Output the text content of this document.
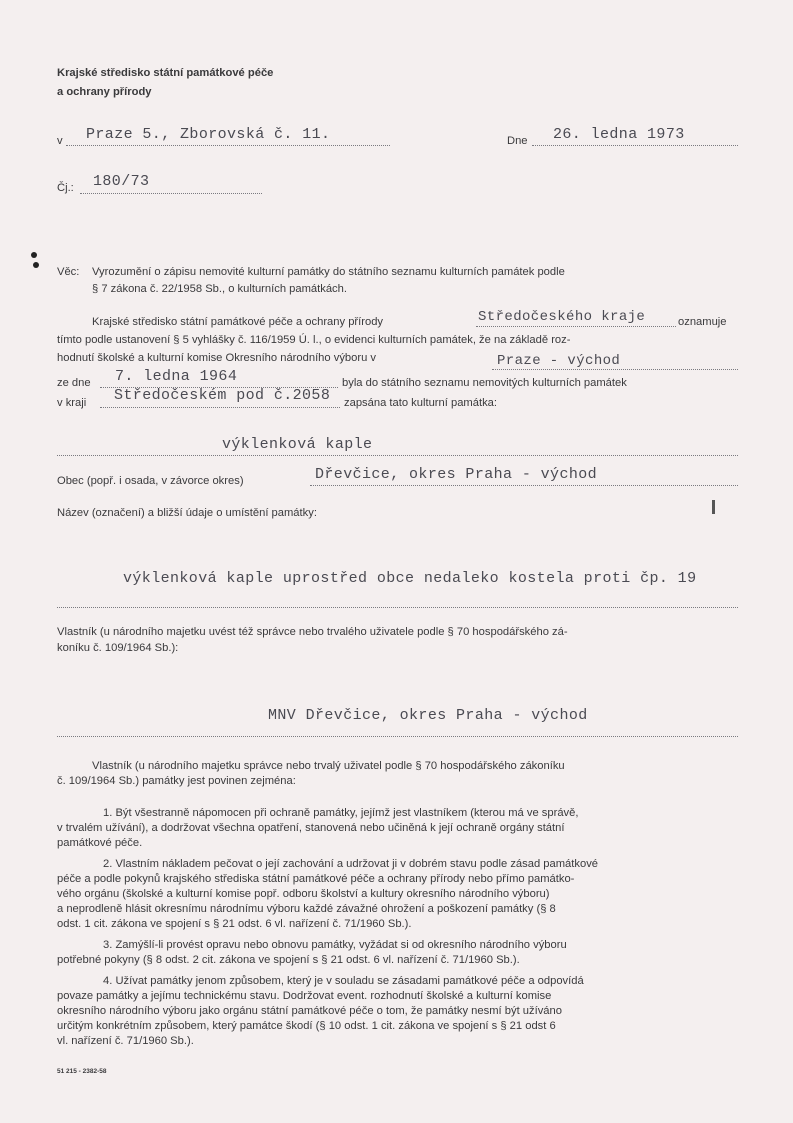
Krajské středisko státní památkové péče
a ochrany přírody
v Praze 5., Zborovská č. 11.	Dne 26. ledna 1973
Čj.: 180/73
Věc: Vyrozumění o zápisu nemovité kulturní památky do státního seznamu kulturních památek podle
§ 7 zákona č. 22/1958 Sb., o kulturních památkách.
Krajské středisko státní památkové péče a ochrany přírody	Středočeského kraje	oznamuje
tímto podle ustanovení § 5 vyhlášky č. 116/1959 Ú. l., o evidenci kulturních památek, že na základě roz-
hodnutí školské a kulturní komise Okresního národního výboru v	Praze - východ
ze dne 7. ledna 1964	byla do státního seznamu nemovitých kulturních památek
v kraji Středočeském pod č.2058 zapsána tato kulturní památka:
výklenková kaple
Obec (popř. i osada, v závorce okres)	Dřevčice, okres Praha - východ
Název (označení) a bližší údaje o umístění památky:
výklenková kaple uprostřed obce nedaleko kostela proti čp. 19
Vlastník (u národního majetku uvést též správce nebo trvalého uživatele podle § 70 hospodářského zá-
koníku č. 109/1964 Sb.):
MNV Dřevčice, okres Praha - východ
Vlastník (u národního majetku správce nebo trvalý uživatel podle § 70 hospodářského zákoníku
č. 109/1964 Sb.) památky jest povinen zejména:
1. Být všestranně nápomocen při ochraně památky, jejímž jest vlastníkem (kterou má ve správě,
v trvalém užívání), a dodržovat všechna opatření, stanovená nebo učiněná k její ochraně orgány státní
památkové péče.
2. Vlastním nákladem pečovat o její zachování a udržovat ji v dobrém stavu podle zásad památkové
péče a podle pokynů krajského střediska státní památkové péče a ochrany přírody nebo přímo památko-
vého orgánu (školské a kulturní komise popř. odboru školství a kultury okresního národního výboru)
a neprodleně hlásit okresnímu národnímu výboru každé závažné ohrožení a poškození památky (§ 8
odst. 1 cit. zákona ve spojení s § 21 odst. 6 vl. nařízení č. 71/1960 Sb.).
3. Zamýšlí-li provést opravu nebo obnovu památky, vyžádat si od okresního národního výboru
potřebné pokyny (§ 8 odst. 2 cit. zákona ve spojení s § 21 odst. 6 vl. nařízení č. 71/1960 Sb.).
4. Užívat památky jenom způsobem, který je v souladu se zásadami památkové péče a odpovídá
povaze památky a jejímu technickému stavu. Dodržovat event. rozhodnutí školské a kulturní komise
okresního národního výboru jako orgánu státní památkové péče o tom, že památky nesmí být užíváno
určitým konkrétním způsobem, který památce škodí (§ 10 odst. 1 cit. zákona ve spojení s § 21 odst 6
vl. nařízení č. 71/1960 Sb.).
51 215 - 2382-58
